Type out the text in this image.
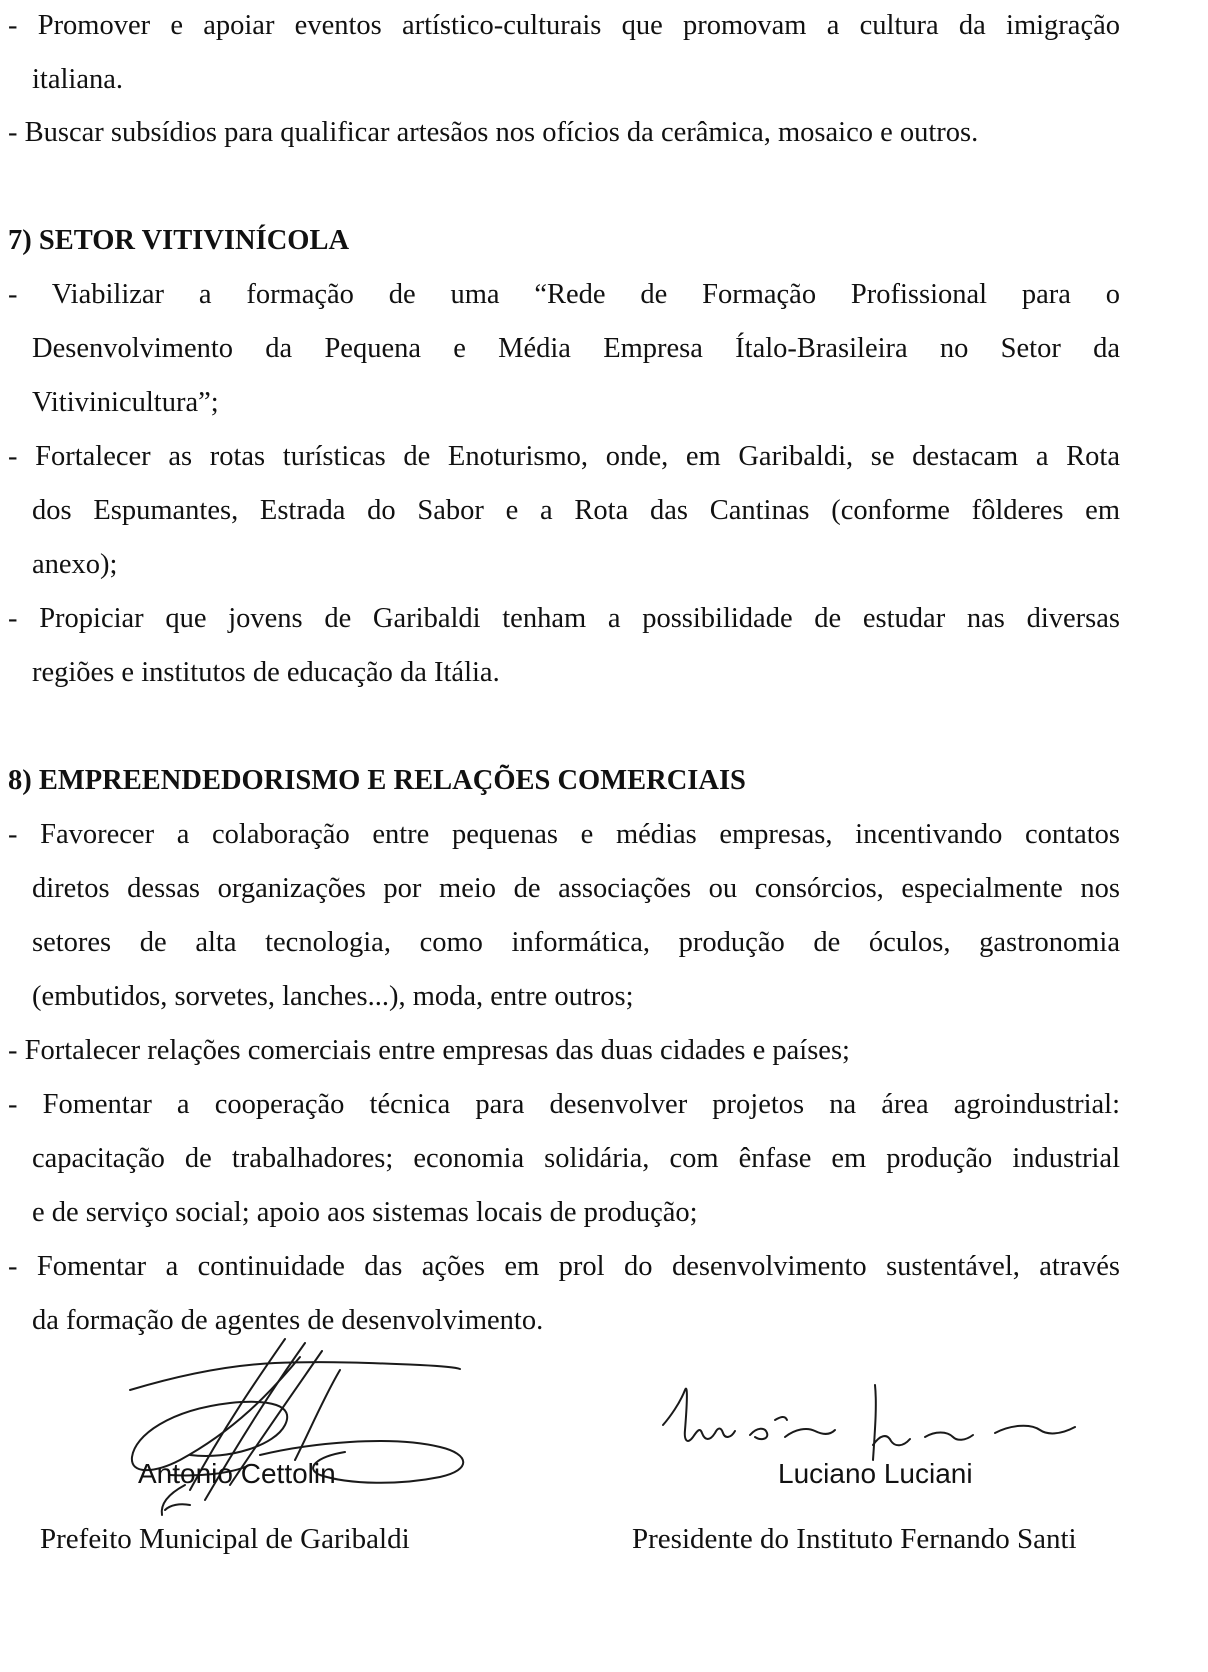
- Promover e apoiar eventos artístico-culturais que promovam a cultura da imigração
italiana.
- Buscar subsídios para qualificar artesãos nos ofícios da cerâmica, mosaico e outros.
7) SETOR VITIVINÍCOLA
- Viabilizar a formação de uma “Rede de Formação Profissional para o
Desenvolvimento da Pequena e Média Empresa Ítalo-Brasileira no Setor da
Vitivinicultura”;
- Fortalecer as rotas turísticas de Enoturismo, onde, em Garibaldi, se destacam a Rota
dos Espumantes, Estrada do Sabor e a Rota das Cantinas (conforme fôlderes em
anexo);
- Propiciar que jovens de Garibaldi tenham a possibilidade de estudar nas diversas
regiões e institutos de educação da Itália.
8) EMPREENDEDORISMO E RELAÇÕES COMERCIAIS
- Favorecer a colaboração entre pequenas e médias empresas, incentivando contatos
diretos dessas organizações por meio de associações ou consórcios, especialmente nos
setores de alta tecnologia, como informática, produção de óculos, gastronomia
(embutidos, sorvetes, lanches...), moda, entre outros;
- Fortalecer relações comerciais entre empresas das duas cidades e países;
- Fomentar a cooperação técnica para desenvolver projetos na área agroindustrial:
capacitação de trabalhadores; economia solidária, com ênfase em produção industrial
e de serviço social; apoio aos sistemas locais de produção;
- Fomentar a continuidade das ações em prol do desenvolvimento sustentável, através
da formação de agentes de desenvolvimento.
Antonio Cettolin
Prefeito Municipal de Garibaldi
Luciano Luciani
Presidente do Instituto Fernando Santi
